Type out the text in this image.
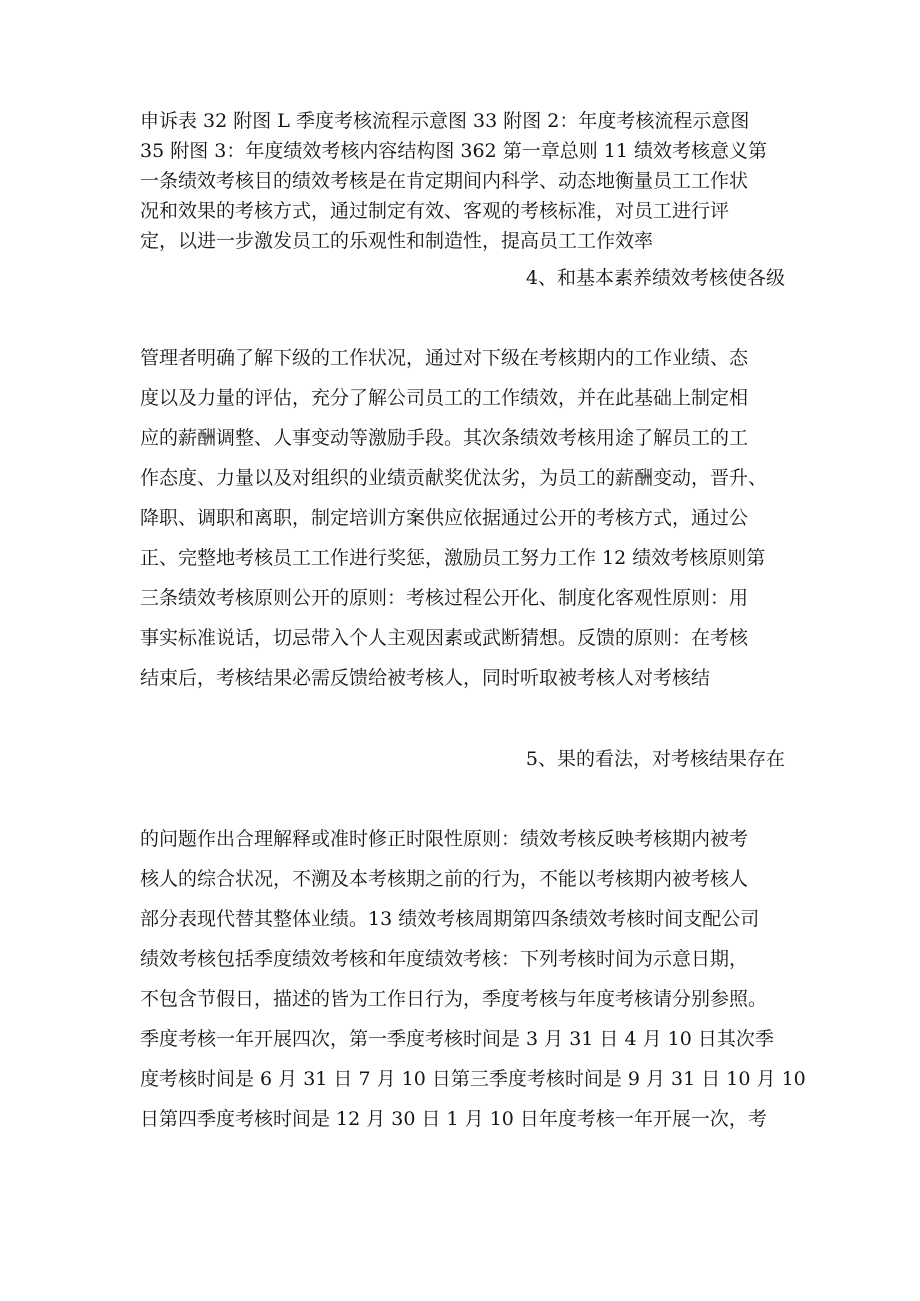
申诉表 32 附图 L 季度考核流程示意图 33 附图 2：年度考核流程示意图
35 附图 3：年度绩效考核内容结构图 362 第一章总则 11 绩效考核意义第
一条绩效考核目的绩效考核是在肯定期间内科学、动态地衡量员工工作状
况和效果的考核方式，通过制定有效、客观的考核标准，对员工进行评
定，以进一步激发员工的乐观性和制造性，提高员工工作效率
4、和基本素养绩效考核使各级
管理者明确了解下级的工作状况，通过对下级在考核期内的工作业绩、态
度以及力量的评估，充分了解公司员工的工作绩效，并在此基础上制定相
应的薪酬调整、人事变动等激励手段。其次条绩效考核用途了解员工的工
作态度、力量以及对组织的业绩贡献奖优汰劣，为员工的薪酬变动，晋升、
降职、调职和离职，制定培训方案供应依据通过公开的考核方式，通过公
正、完整地考核员工工作进行奖惩，激励员工努力工作 12 绩效考核原则第
三条绩效考核原则公开的原则：考核过程公开化、制度化客观性原则：用
事实标准说话，切忌带入个人主观因素或武断猜想。反馈的原则：在考核
结束后，考核结果必需反馈给被考核人，同时听取被考核人对考核结
5、果的看法，对考核结果存在
的问题作出合理解释或准时修正时限性原则：绩效考核反映考核期内被考
核人的综合状况，不溯及本考核期之前的行为，不能以考核期内被考核人
部分表现代替其整体业绩。13 绩效考核周期第四条绩效考核时间支配公司
绩效考核包括季度绩效考核和年度绩效考核：下列考核时间为示意日期，
不包含节假日，描述的皆为工作日行为，季度考核与年度考核请分别参照。
季度考核一年开展四次，第一季度考核时间是 3 月 31 日 4 月 10 日其次季
度考核时间是 6 月 31 日 7 月 10 日第三季度考核时间是 9 月 31 日 10 月 10
日第四季度考核时间是 12 月 30 日 1 月 10 日年度考核一年开展一次，考
